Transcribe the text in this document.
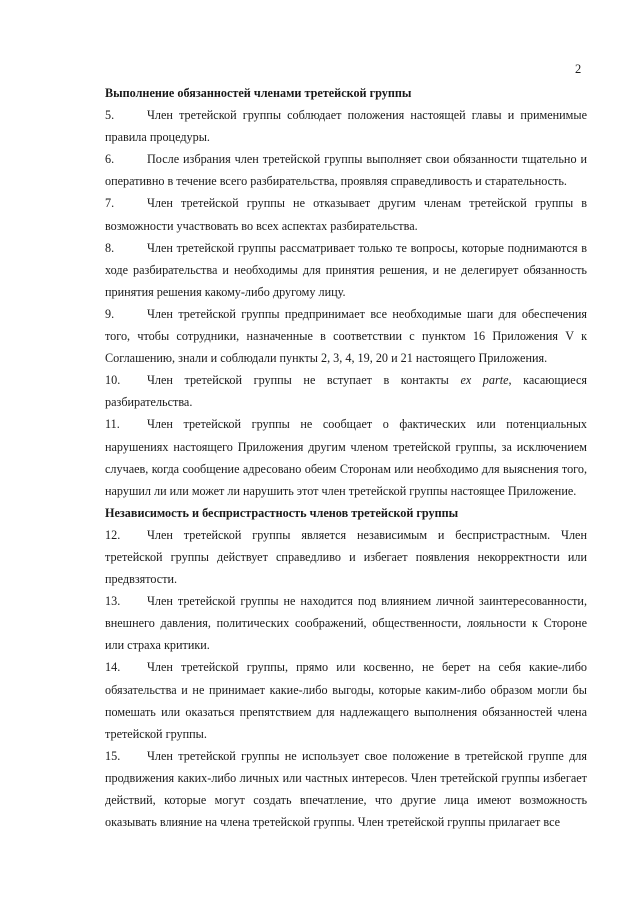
2

Выполнение обязанностей членами третейской группы

5.	Член третейской группы соблюдает положения настоящей главы и применимые правила процедуры.

6.	После избрания член третейской группы выполняет свои обязанности тщательно и оперативно в течение всего разбирательства, проявляя справедливость и старательность.

7.	Член третейской группы не отказывает другим членам третейской группы в возможности участвовать во всех аспектах разбирательства.

8.	Член третейской группы рассматривает только те вопросы, которые поднимаются в ходе разбирательства и необходимы для принятия решения, и не делегирует обязанность принятия решения какому-либо другому лицу.

9.	Член третейской группы предпринимает все необходимые шаги для обеспечения того, чтобы сотрудники, назначенные в соответствии с пунктом 16 Приложения V к Соглашению, знали и соблюдали пункты 2, 3, 4, 19, 20 и 21 настоящего Приложения.

10. Член третейской группы не вступает в контакты ex parte, касающиеся разбирательства.

11. Член третейской группы не сообщает о фактических или потенциальных нарушениях настоящего Приложения другим членом третейской группы, за исключением случаев, когда сообщение адресовано обеим Сторонам или необходимо для выяснения того, нарушил ли или может ли нарушить этот член третейской группы настоящее Приложение.

Независимость и беспристрастность членов третейской группы

12. Член третейской группы является независимым и беспристрастным. Член третейской группы действует справедливо и избегает появления некорректности или предвзятости.

13. Член третейской группы не находится под влиянием личной заинтересованности, внешнего давления, политических соображений, общественности, лояльности к Стороне или страха критики.

14. Член третейской группы, прямо или косвенно, не берет на себя какие-либо обязательства и не принимает какие-либо выгоды, которые каким-либо образом могли бы помешать или оказаться препятствием для надлежащего выполнения обязанностей члена третейской группы.

15. Член третейской группы не использует свое положение в третейской группе для продвижения каких-либо личных или частных интересов. Член третейской группы избегает действий, которые могут создать впечатление, что другие лица имеют возможность оказывать влияние на члена третейской группы. Член третейской группы прилагает все
